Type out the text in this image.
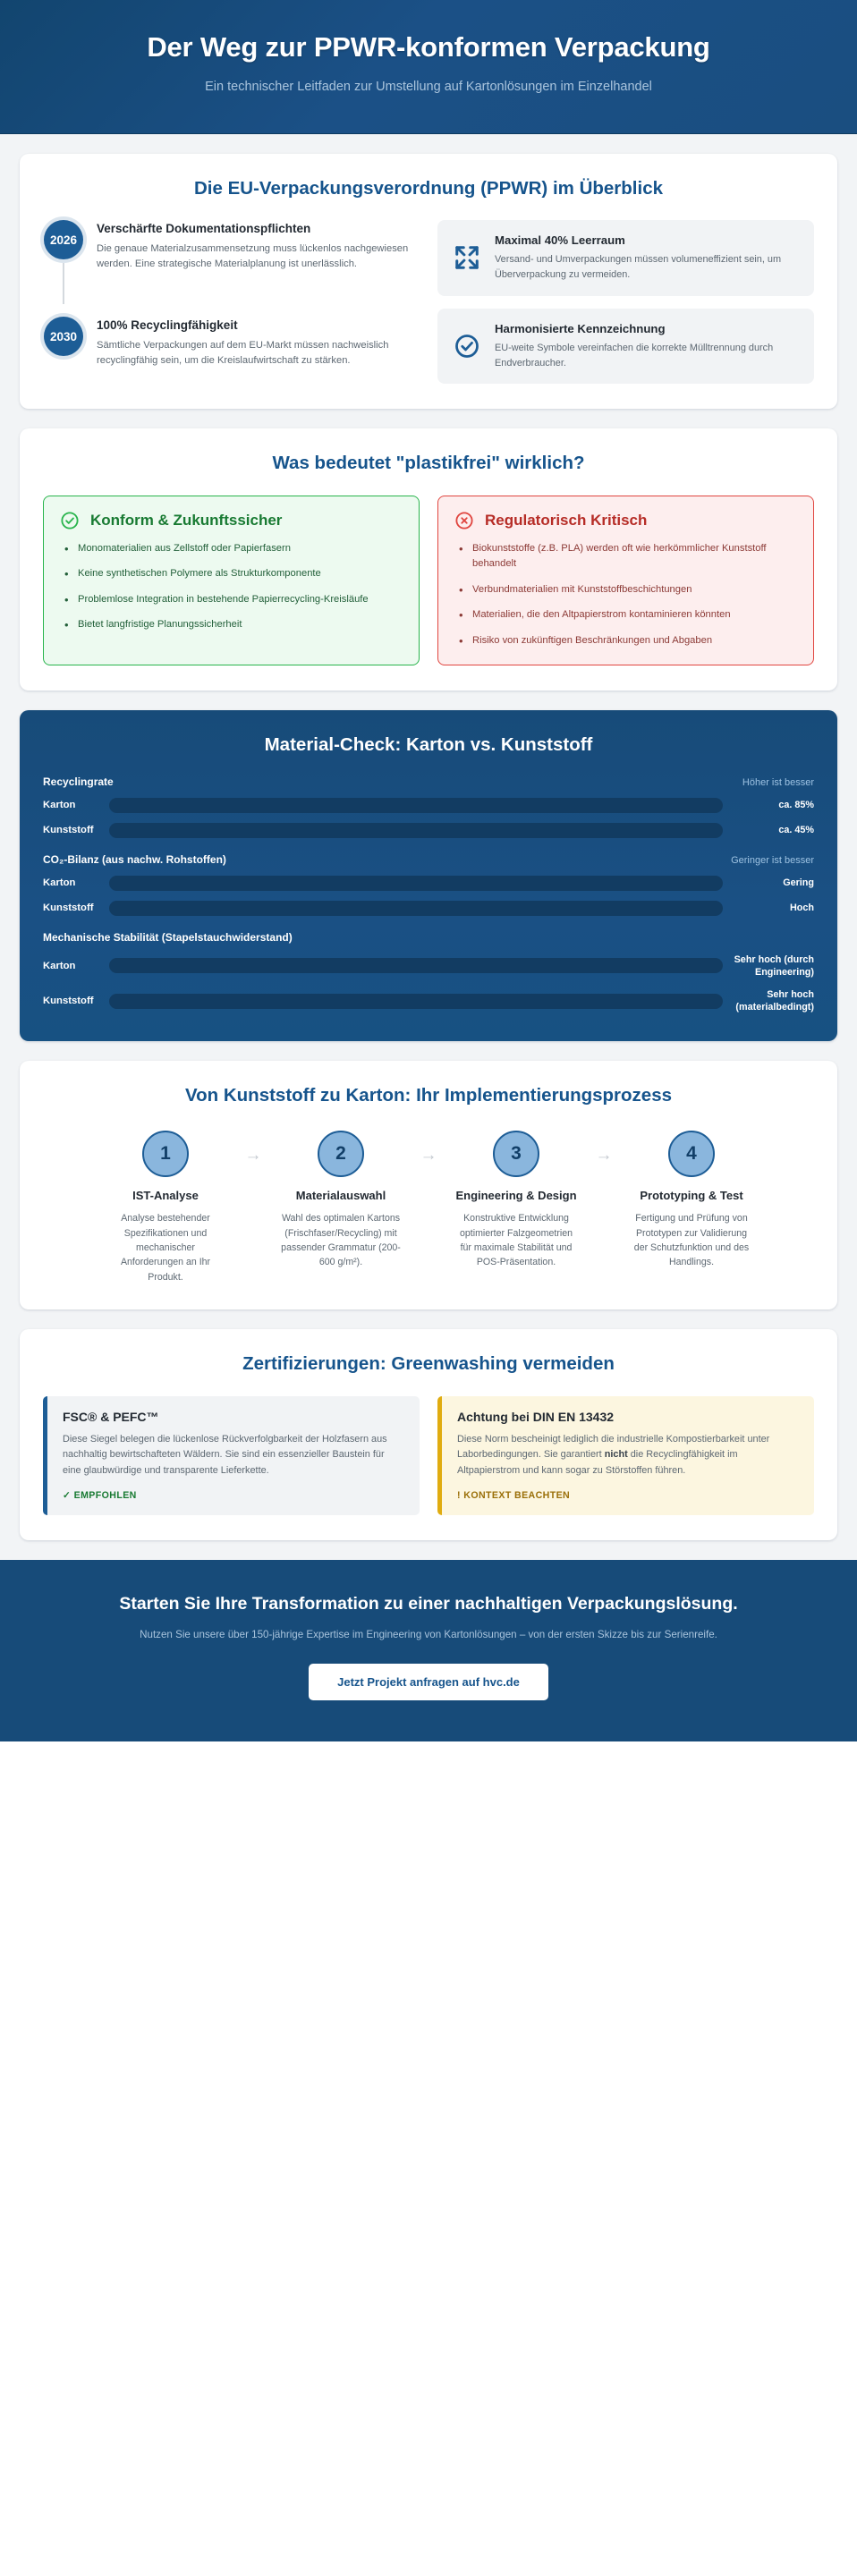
Der Weg zur PPWR-konformen Verpackung
Ein technischer Leitfaden zur Umstellung auf Kartonlösungen im Einzelhandel
Die EU-Verpackungsverordnung (PPWR) im Überblick
2026
Verschärfte Dokumentationspflichten
Die genaue Materialzusammensetzung muss lückenlos nachgewiesen werden. Eine strategische Materialplanung ist unerlässlich.
2030
100% Recyclingfähigkeit
Sämtliche Verpackungen auf dem EU-Markt müssen nachweislich recyclingfähig sein, um die Kreislaufwirtschaft zu stärken.
Maximal 40% Leerraum
Versand- und Umverpackungen müssen volumeneffizient sein, um Überverpackung zu vermeiden.
Harmonisierte Kennzeichnung
EU-weite Symbole vereinfachen die korrekte Mülltrennung durch Endverbraucher.
Was bedeutet "plastikfrei" wirklich?
Konform & Zukunftssicher
• Monomaterialien aus Zellstoff oder Papierfasern
• Keine synthetischen Polymere als Strukturkomponente
• Problemlose Integration in bestehende Papierrecycling-Kreisläufe
• Bietet langfristige Planungssicherheit
Regulatorisch Kritisch
• Biokunststoffe (z.B. PLA) werden oft wie herkömmlicher Kunststoff behandelt
• Verbundmaterialien mit Kunststoffbeschichtungen
• Materialien, die den Altpapierstrom kontaminieren könnten
• Risiko von zukünftigen Beschränkungen und Abgaben
Material-Check: Karton vs. Kunststoff
Recyclingrate	Höher ist besser
Karton	ca. 85%
Kunststoff	ca. 45%
CO₂-Bilanz (aus nachw. Rohstoffen)	Geringer ist besser
Karton	Gering
Kunststoff	Hoch
Mechanische Stabilität (Stapelstauchwiderstand)
Karton
Sehr hoch (durch Engineering)
Kunststoff
Sehr hoch (materialbedingt)
Von Kunststoff zu Karton: Ihr Implementierungsprozess
1
IST-Analyse
Analyse bestehender Spezifikationen und mechanischer Anforderungen an Ihr Produkt.
→	2
Materialauswahl
Wahl des optimalen Kartons (Frischfaser/Recycling) mit passender Grammatur (200-600 g/m²).
→	3
Engineering & Design
Konstruktive Entwicklung optimierter Falzgeometrien für maximale Stabilität und POS-Präsentation.
→	4
Prototyping & Test
Fertigung und Prüfung von Prototypen zur Validierung der Schutzfunktion und des Handlings.
Zertifizierungen: Greenwashing vermeiden
FSC® & PEFC™
Diese Siegel belegen die lückenlose Rückverfolgbarkeit der Holzfasern aus nachhaltig bewirtschafteten Wäldern. Sie sind ein essenzieller Baustein für eine glaubwürdige und transparente Lieferkette.
✓ EMPFOHLEN
Achtung bei DIN EN 13432
Diese Norm bescheinigt lediglich die industrielle Kompostierbarkeit unter Laborbedingungen. Sie garantiert nicht die Recyclingfähigkeit im Altpapierstrom und kann sogar zu Störstoffen führen.
! KONTEXT BEACHTEN
Starten Sie Ihre Transformation zu einer nachhaltigen Verpackungslösung.
Nutzen Sie unsere über 150-jährige Expertise im Engineering von Kartonlösungen – von der ersten Skizze bis zur Serienreife.
Jetzt Projekt anfragen auf hvc.de
